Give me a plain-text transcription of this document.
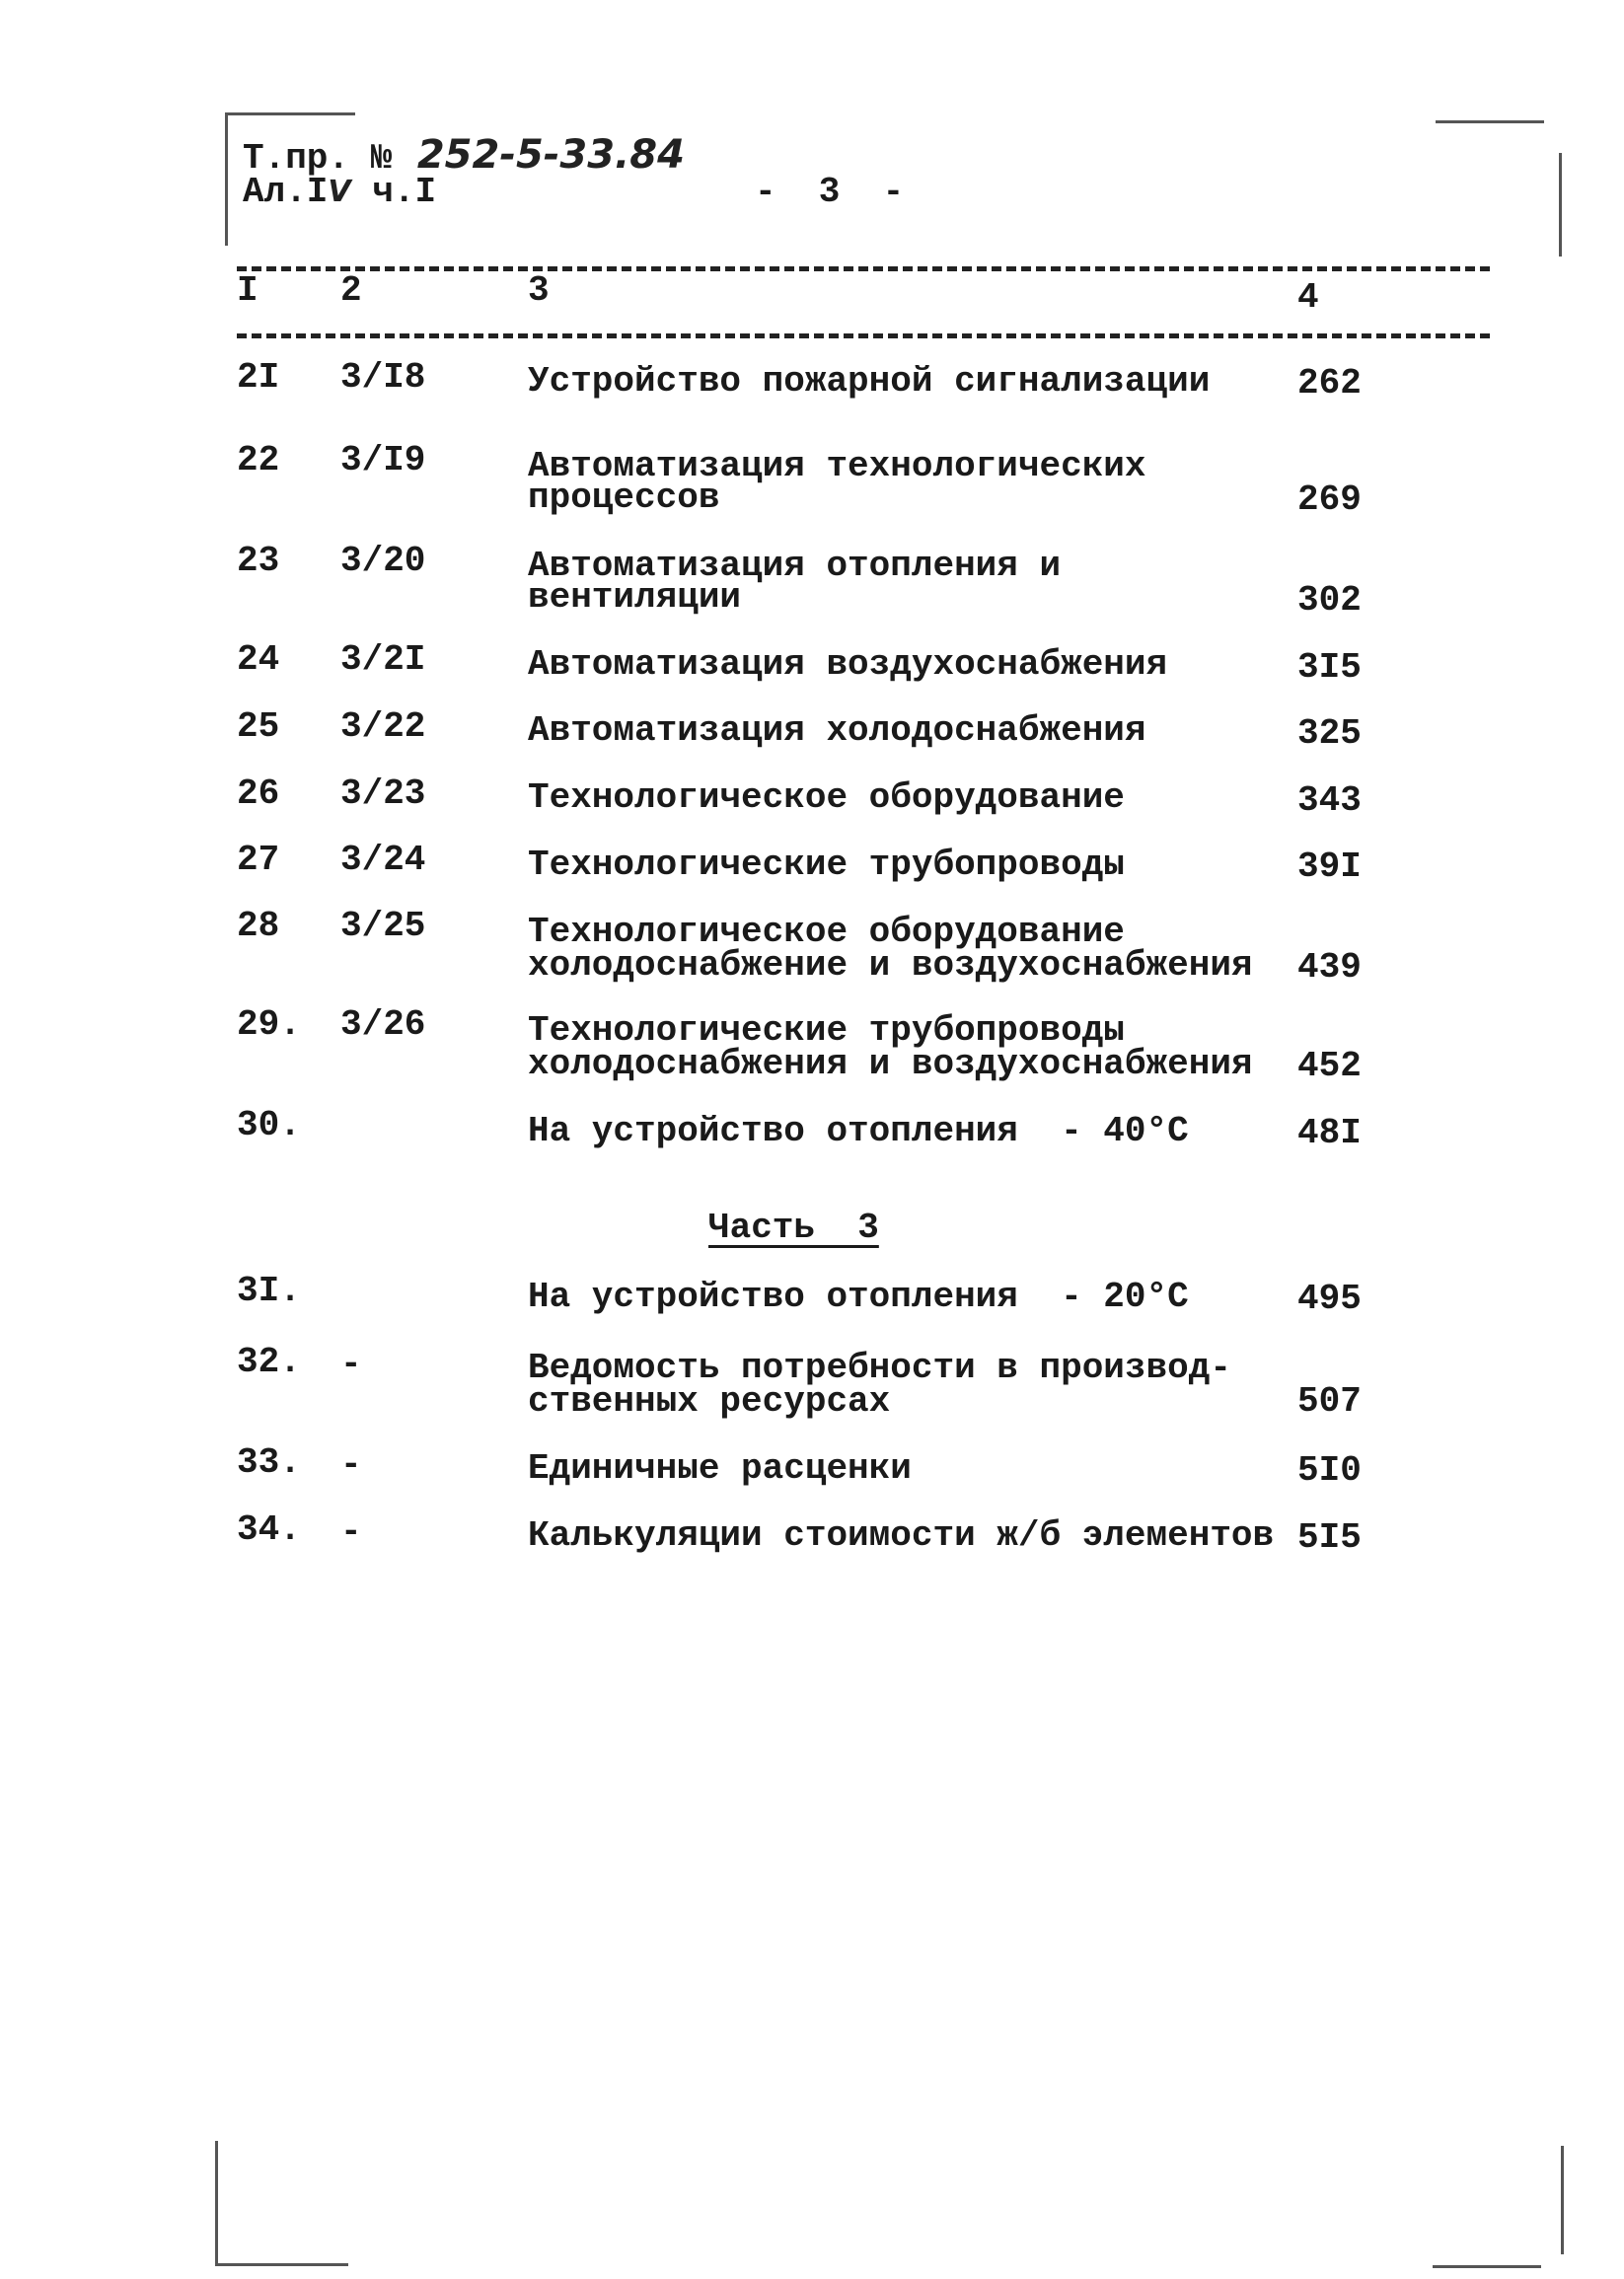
Т.пр. № 252-5-33.84
Ал.IV ч.I	-  3  -
I 2	3	4
2I 3/I8	Устройство пожарной сигнализации 262
22 3/I9	Автоматизация технологических
процессов	269
23 3/20	Автоматизация отопления и
вентиляции	302
24 3/2I	Автоматизация воздухоснабжения	3I5
25 3/22	Автоматизация холодоснабжения	325
26 3/23	Технологическое оборудование	343
27 3/24	Технологические трубопроводы	39I
28 3/25	Технологическое оборудование
холодоснабжение и воздухоснабжения 439
29. 3/26	Технологические трубопроводы
холодоснабжения и воздухоснабжения 452
30.	На устройство отопления  - 40°С	48I
Часть  3
3I.	На устройство отопления  - 20°С	495
32. -	Ведомость потребности в производ-
ственных ресурсах	507
33. -	Единичные расценки	5I0
34. -	Калькуляции стоимости ж/б элементов 5I5
